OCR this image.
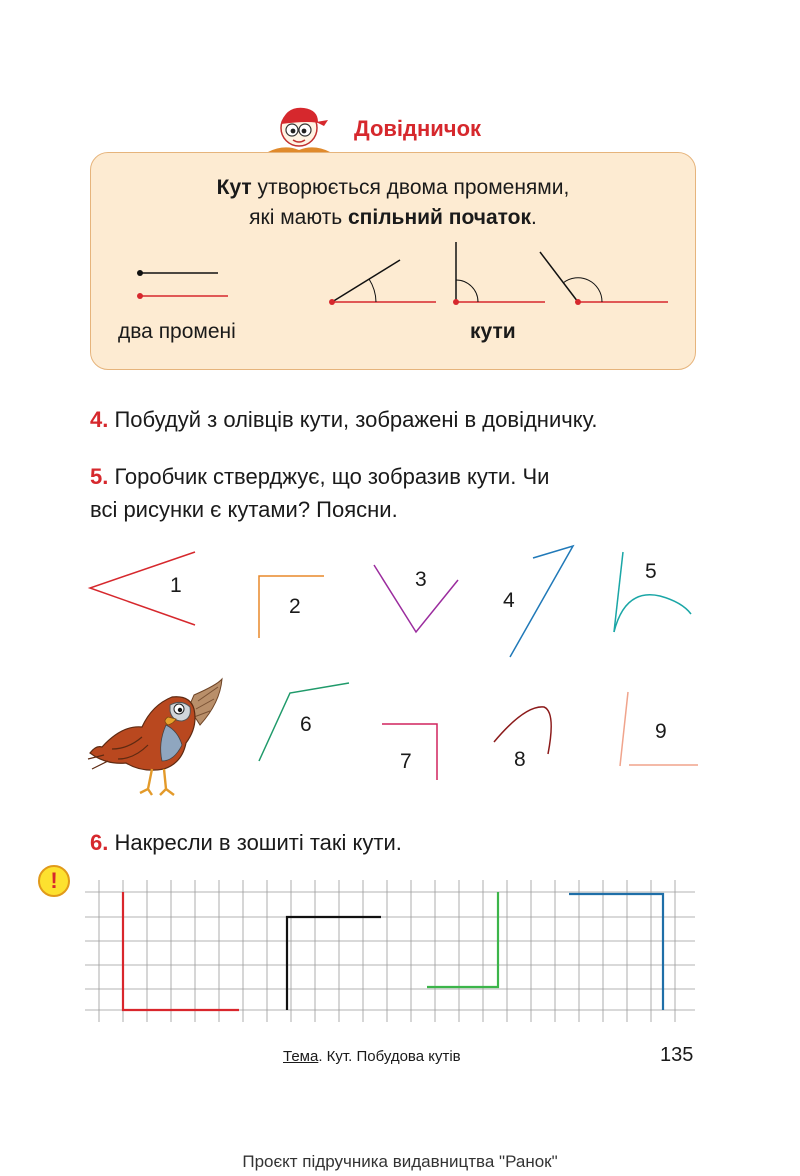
Довідничок
Кут утворюється двома променями,
які мають спільний початок.
два промені	кути
4. Побудуй з олівців кути, зображені в довідничку.
5. Горобчик стверджує, що зобразив кути. Чи
всі рисунки є кутами? Поясни.
1
2
3
4
5
6
7	8
9
6. Накресли в зошиті такі кути.
!
Тема. Кут. Побудова кутів	135
Проєкт підручника видавництва "Ранок"
